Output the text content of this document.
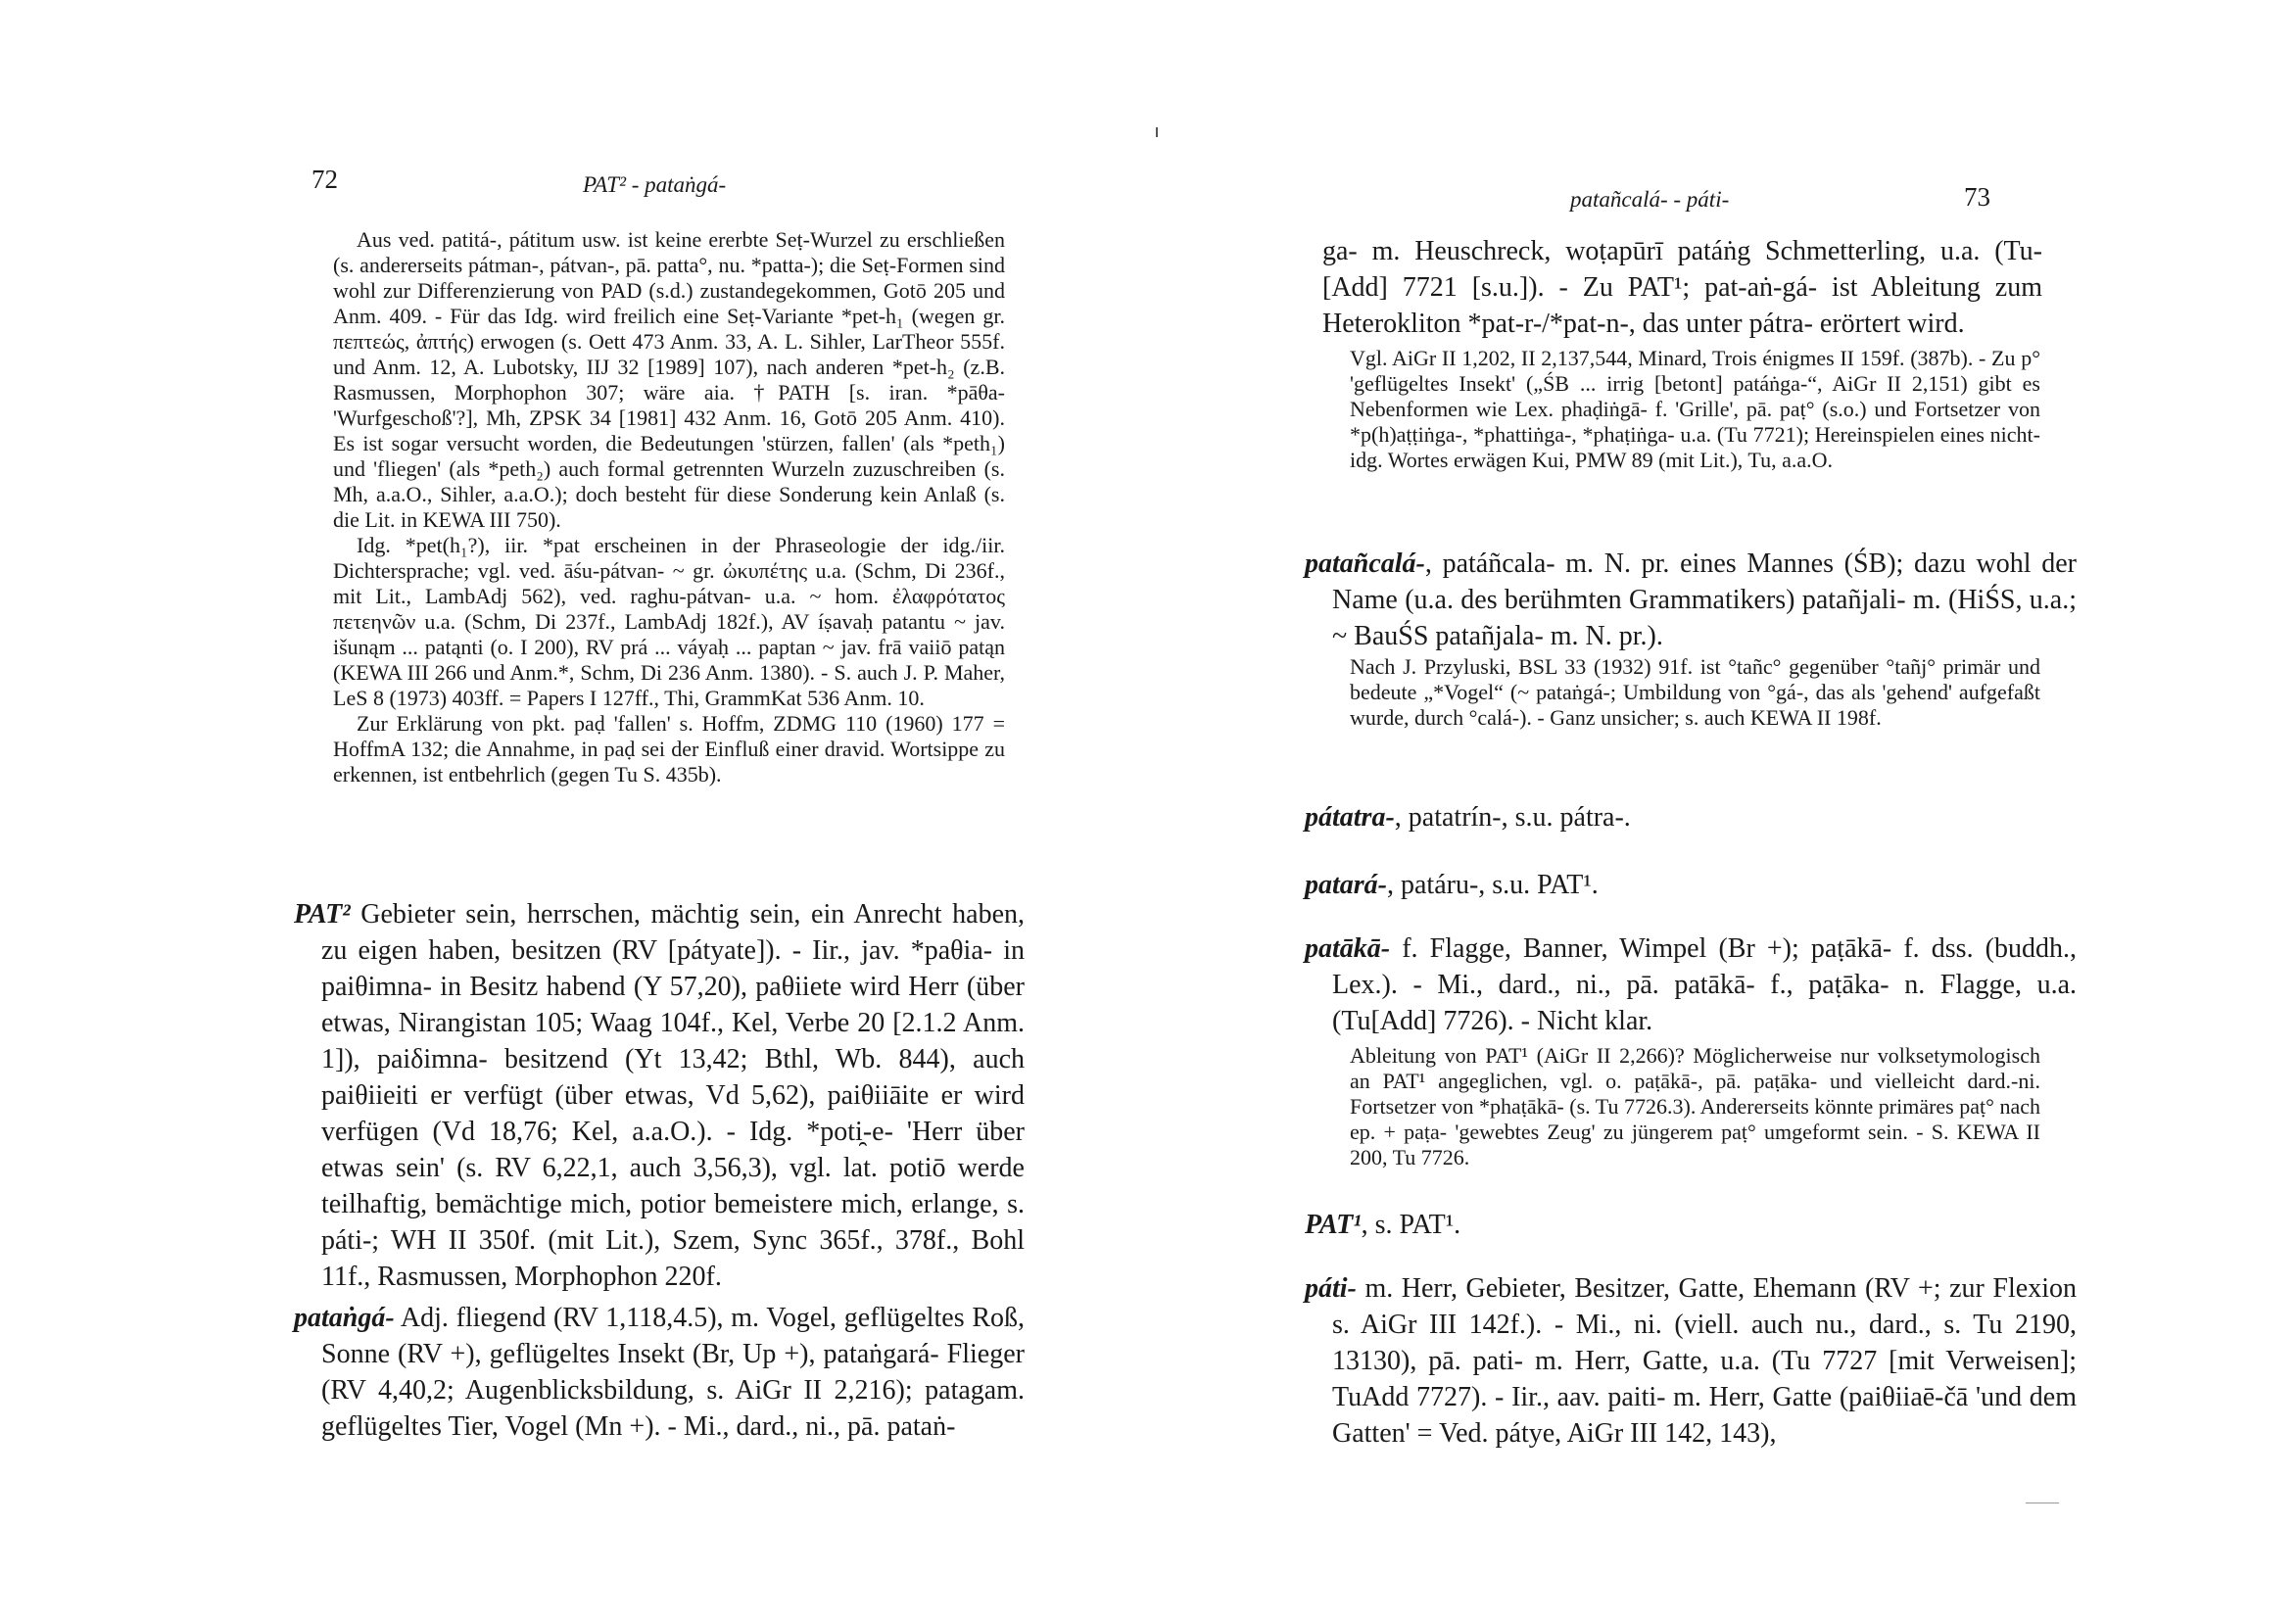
72	PAT² - pataṅgá-
Aus ved. patitá-, pátitum usw. ist keine ererbte Seṭ-Wurzel zu erschließen (s. andererseits pátman-, pátvan-, pā. patta°, nu. *patta-); die Seṭ-Formen sind wohl zur Differenzierung von PAD (s.d.) zustandegekommen, Gotō 205 und Anm. 409. - Für das Idg. wird freilich eine Seṭ-Variante *pet-h₁ (wegen gr. πεπτεώς, ἀπτής) erwogen (s. Oett 473 Anm. 33, A. L. Sihler, LarTheor 555f. und Anm. 12, A. Lubotsky, IIJ 32 [1989] 107), nach anderen *pet-h₂ (z.B. Rasmussen, Morphophon 307; wäre aia. †PATH [s. iran. *pāθa- 'Wurfgeschoß'?], Mh, ZPSK 34 [1981] 432 Anm. 16, Gotō 205 Anm. 410). Es ist sogar versucht worden, die Bedeutungen 'stürzen, fallen' (als *peth₁) und 'fliegen' (als *peth₂) auch formal getrennten Wurzeln zuzuschreiben (s. Mh, a.a.O., Sihler, a.a.O.); doch besteht für diese Sonderung kein Anlaß (s. die Lit. in KEWA III 750).
Idg. *pet(h₁?), iir. *pat erscheinen in der Phraseologie der idg./iir. Dichtersprache; vgl. ved. āśu-pátvan- ~ gr. ὠκυπέτης u.a. (Schm, Di 236f., mit Lit., LambAdj 562), ved. raghu-pátvan- u.a. ~ hom. ἐλαφρότατος πετεηνῶν u.a. (Schm, Di 237f., LambAdj 182f.), AV íṣavaḥ patantu ~ jav. išunąm ... patąnti (o. I 200), RV prá ... váyaḥ ... paptan ~ jav. frā vaiiō patąn (KEWA III 266 und Anm.*, Schm, Di 236 Anm. 1380). - S. auch J. P. Maher, LeS 8 (1973) 403ff. = Papers I 127ff., Thi, GrammKat 536 Anm. 10.
Zur Erklärung von pkt. paḍ 'fallen' s. Hoffm, ZDMG 110 (1960) 177 = HoffmA 132; die Annahme, in paḍ sei der Einfluß einer dravid. Wortsippe zu erkennen, ist entbehrlich (gegen Tu S. 435b).
PAT² Gebieter sein, herrschen, mächtig sein, ein Anrecht haben, zu eigen haben, besitzen (RV [pátyate]). - Iir., jav. *paθia- in paiθimna- in Besitz habend (Y 57,20), paθiiete wird Herr (über etwas, Nirangistan 105; Waag 104f., Kel, Verbe 20 [2.1.2 Anm. 1]), paiδimna- besitzend (Yt 13,42; Bthl, Wb. 844), auch paiθiieiti er verfügt (über etwas, Vd 5,62), paiθiiāite er wird verfügen (Vd 18,76; Kel, a.a.O.). - Idg. *poti̯-e- 'Herr über etwas sein' (s. RV 6,22,1, auch 3,56,3), vgl. lat. potiō werde teilhaftig, bemächtige mich, potior bemeistere mich, erlange, s. páti-; WH II 350f. (mit Lit.), Szem, Sync 365f., 378f., Bohl 11f., Rasmussen, Morphophon 220f.
pataṅgá- Adj. fliegend (RV 1,118,4.5), m. Vogel, geflügeltes Roß, Sonne (RV +), geflügeltes Insekt (Br, Up +), pataṅgará- Flieger (RV 4,40,2; Augenblicksbildung, s. AiGr II 2,216); patagam. geflügeltes Tier, Vogel (Mn +). - Mi., dard., ni., pā. pataṅ-
patañcalá- - páti-	73
ga- m. Heuschreck, woṭapūrī patáṅg Schmetterling, u.a. (Tu-[Add] 7721 [s.u.]). - Zu PAT¹; pat-aṅ-gá- ist Ableitung zum Heterokliton *pat-r-/*pat-n-, das unter pátra- erörtert wird.
Vgl. AiGr II 1,202, II 2,137,544, Minard, Trois énigmes II 159f. (387b). - Zu p° 'geflügeltes Insekt' („ŚB ... irrig [betont] patáṅga-“, AiGr II 2,151) gibt es Nebenformen wie Lex. phaḍiṅgā- f. 'Grille', pā. paṭ° (s.o.) und Fortsetzer von *p(h)aṭṭiṅga-, *phattiṅga-, *phaṭiṅga- u.a. (Tu 7721); Hereinspielen eines nicht-idg. Wortes erwägen Kui, PMW 89 (mit Lit.), Tu, a.a.O.
patañcalá-, patáñcala- m. N. pr. eines Mannes (ŚB); dazu wohl der Name (u.a. des berühmten Grammatikers) patañjali- m. (HiŚS, u.a.; ~ BauŚS patañjala- m. N. pr.).
Nach J. Przyluski, BSL 33 (1932) 91f. ist °tañc° gegenüber °tañj° primär und bedeute „*Vogel“ (~ pataṅgá-; Umbildung von °gá-, das als 'gehend' aufgefaßt wurde, durch °calá-). - Ganz unsicher; s. auch KEWA II 198f.
pátatra-, patatrín-, s.u. pátra-.
patará-, patáru-, s.u. PAT¹.
patākā- f. Flagge, Banner, Wimpel (Br +); paṭākā- f. dss. (buddh., Lex.). - Mi., dard., ni., pā. patākā- f., paṭāka- n. Flagge, u.a. (Tu[Add] 7726). - Nicht klar.
Ableitung von PAT¹ (AiGr II 2,266)? Möglicherweise nur volksetymologisch an PAT¹ angeglichen, vgl. o. paṭākā-, pā. paṭāka- und vielleicht dard.-ni. Fortsetzer von *phaṭākā- (s. Tu 7726.3). Andererseits könnte primäres paṭ° nach ep. + paṭa- 'gewebtes Zeug' zu jüngerem paṭ° umgeformt sein. - S. KEWA II 200, Tu 7726.
PAT¹, s. PAT¹.
páti- m. Herr, Gebieter, Besitzer, Gatte, Ehemann (RV +; zur Flexion s. AiGr III 142f.). - Mi., ni. (viell. auch nu., dard., s. Tu 2190, 13130), pā. pati- m. Herr, Gatte, u.a. (Tu 7727 [mit Verweisen]; TuAdd 7727). - Iir., aav. paiti- m. Herr, Gatte (paiθiiaē-čā 'und dem Gatten' = Ved. pátye, AiGr III 142, 143),
